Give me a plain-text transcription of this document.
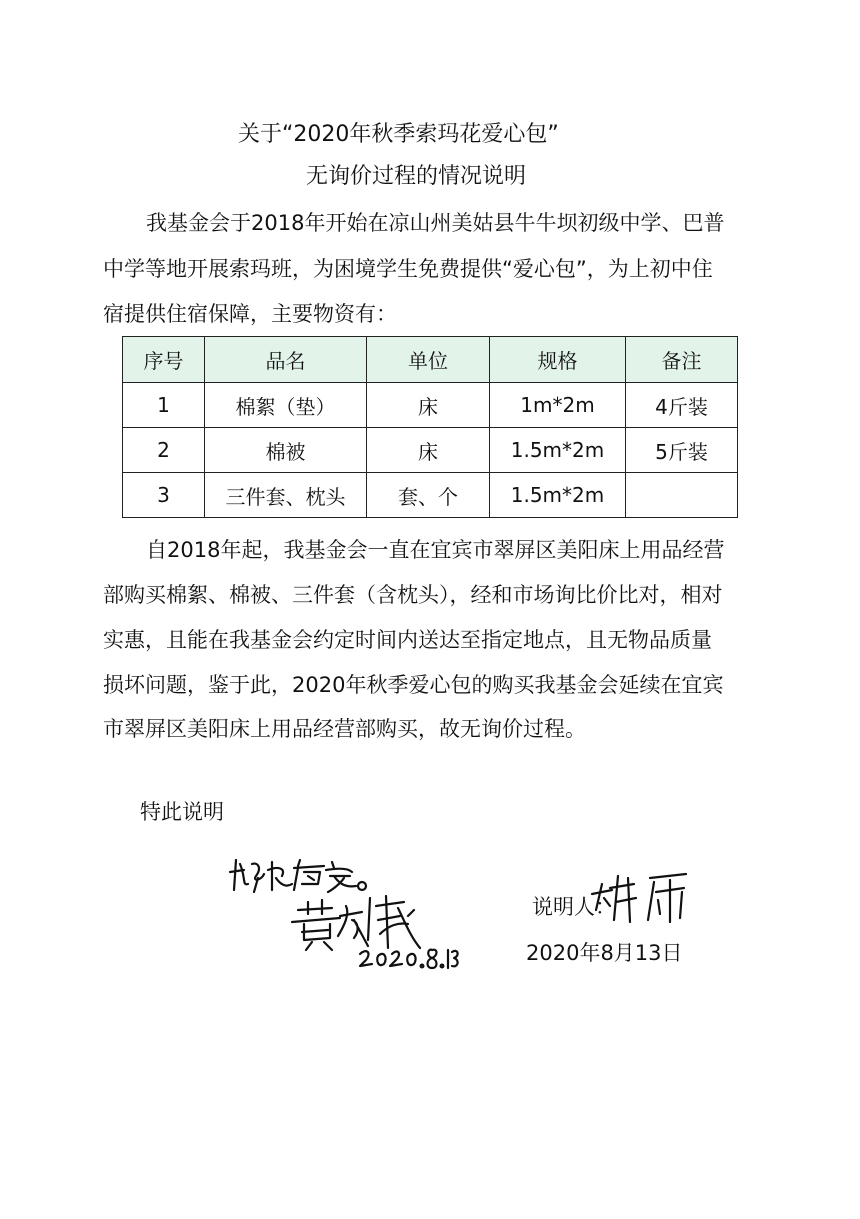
关于“2020年秋季索玛花爱心包”
无询价过程的情况说明
我基金会于2018年开始在凉山州美姑县牛牛坝初级中学、巴普
中学等地开展索玛班，为困境学生免费提供“爱心包”，为上初中住
宿提供住宿保障，主要物资有：
序号	品名	单位	规格	备注
1	棉絮（垫）	床	1m*2m	4斤装
2	棉被	床	1.5m*2m	5斤装
3	三件套、枕头	套、个	1.5m*2m	
自2018年起，我基金会一直在宜宾市翠屏区美阳床上用品经营
部购买棉絮、棉被、三件套（含枕头），经和市场询比价比对，相对
实惠，且能在我基金会约定时间内送达至指定地点，且无物品质量
损坏问题，鉴于此，2020年秋季爱心包的购买我基金会延续在宜宾
市翠屏区美阳床上用品经营部购买，故无询价过程。
特此说明
说明人：
2020年8月13日
